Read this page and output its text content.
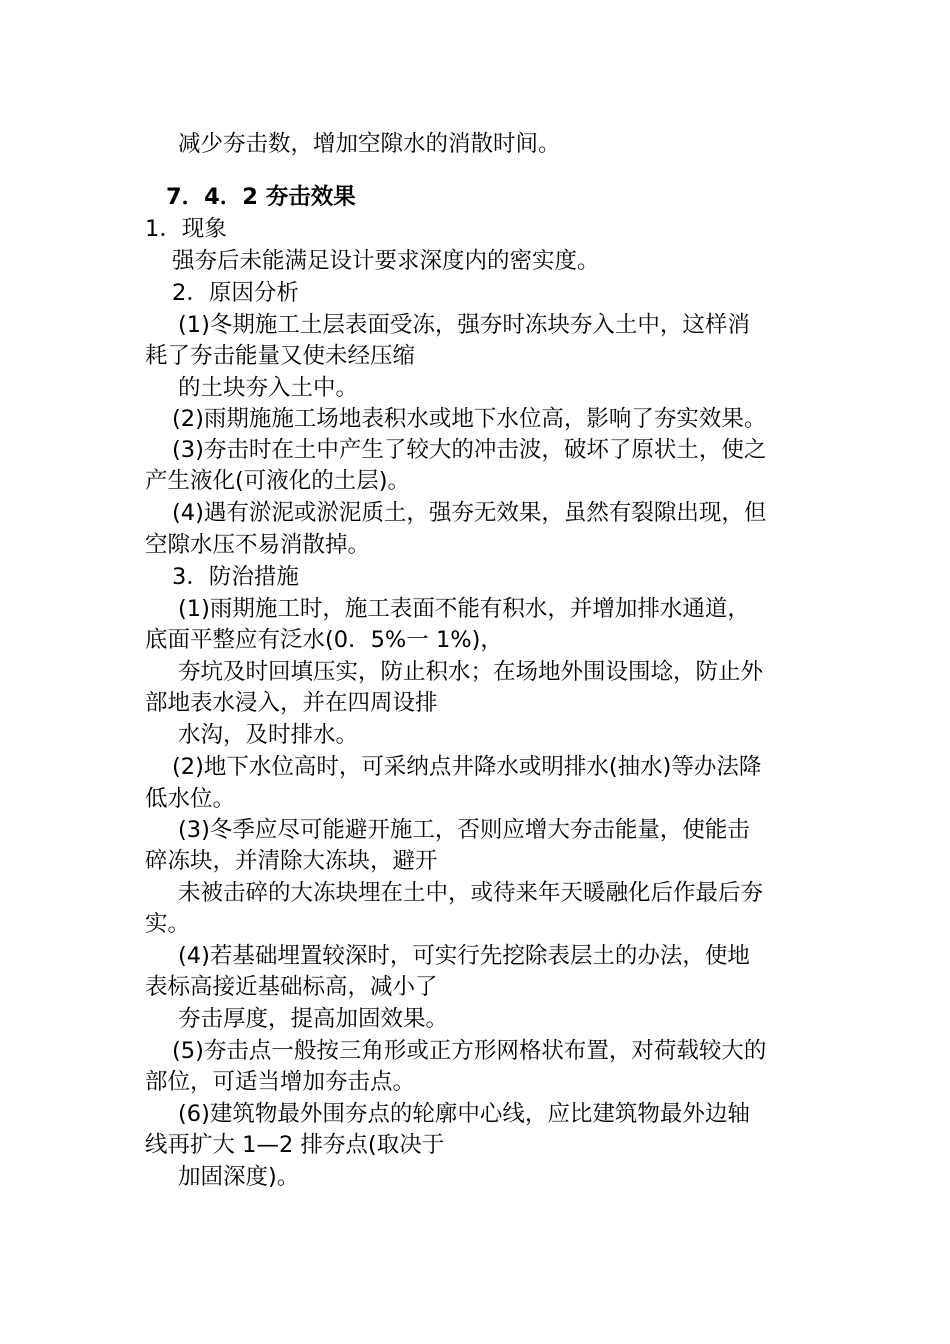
减少夯击数，增加空隙水的消散时间。
7．4．2 夯击效果
1．现象
强夯后未能满足设计要求深度内的密实度。
2．原因分析
(1)冬期施工土层表面受冻，强夯时冻块夯入土中，这样消
耗了夯击能量又使未经压缩
的土块夯入土中。
(2)雨期施施工场地表积水或地下水位高，影响了夯实效果。
(3)夯击时在土中产生了较大的冲击波，破坏了原状土，使之
产生液化(可液化的土层)。
(4)遇有淤泥或淤泥质土，强夯无效果，虽然有裂隙出现，但
空隙水压不易消散掉。
3．防治措施
(1)雨期施工时，施工表面不能有积水，并增加排水通道，
底面平整应有泛水(0．5%一 1%)，
夯坑及时回填压实，防止积水；在场地外围设围埝，防止外
部地表水浸入，并在四周设排
水沟，及时排水。
(2)地下水位高时，可采纳点井降水或明排水(抽水)等办法降
低水位。
(3)冬季应尽可能避开施工，否则应增大夯击能量，使能击
碎冻块，并清除大冻块，避开
未被击碎的大冻块埋在土中，或待来年天暖融化后作最后夯
实。
(4)若基础埋置较深时，可实行先挖除表层土的办法，使地
表标高接近基础标高，减小了
夯击厚度，提高加固效果。
(5)夯击点一般按三角形或正方形网格状布置，对荷载较大的
部位，可适当增加夯击点。
(6)建筑物最外围夯点的轮廓中心线，应比建筑物最外边轴
线再扩大 1—2 排夯点(取决于
加固深度)。
